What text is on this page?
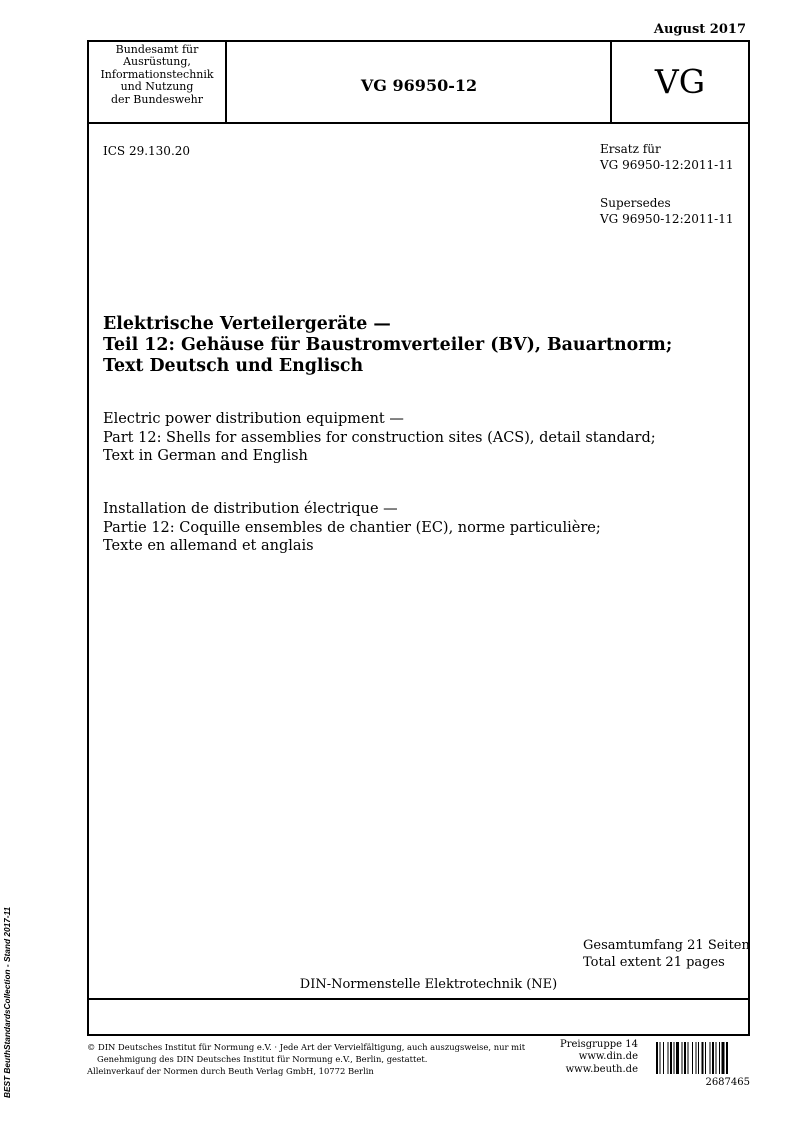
August 2017
Bundesamt für
Ausrüstung,
Informationstechnik
und Nutzung
der Bundeswehr
VG 96950-12	VG
ICS 29.130.20	Ersatz für
VG 96950-12:2011-11
Supersedes
VG 96950-12:2011-11
Elektrische Verteilergeräte —
Teil 12: Gehäuse für Baustromverteiler (BV), Bauartnorm;
Text Deutsch und Englisch
Electric power distribution equipment —
Part 12: Shells for assemblies for construction sites (ACS), detail standard;
Text in German and English
Installation de distribution électrique —
Partie 12: Coquille ensembles de chantier (EC), norme particulière;
Texte en allemand et anglais
Gesamtumfang 21 Seiten
Total extent 21 pages
DIN-Normenstelle Elektrotechnik (NE)
© DIN Deutsches Institut für Normung e.V. · Jede Art der Vervielfältigung, auch auszugsweise, nur mit
Genehmigung des DIN Deutsches Institut für Normung e.V., Berlin, gestattet.
Alleinverkauf der Normen durch Beuth Verlag GmbH, 10772 Berlin
Preisgruppe 14
www.din.de
www.beuth.de
2687465
BEST BeuthStandardsCollection - Stand 2017-11
